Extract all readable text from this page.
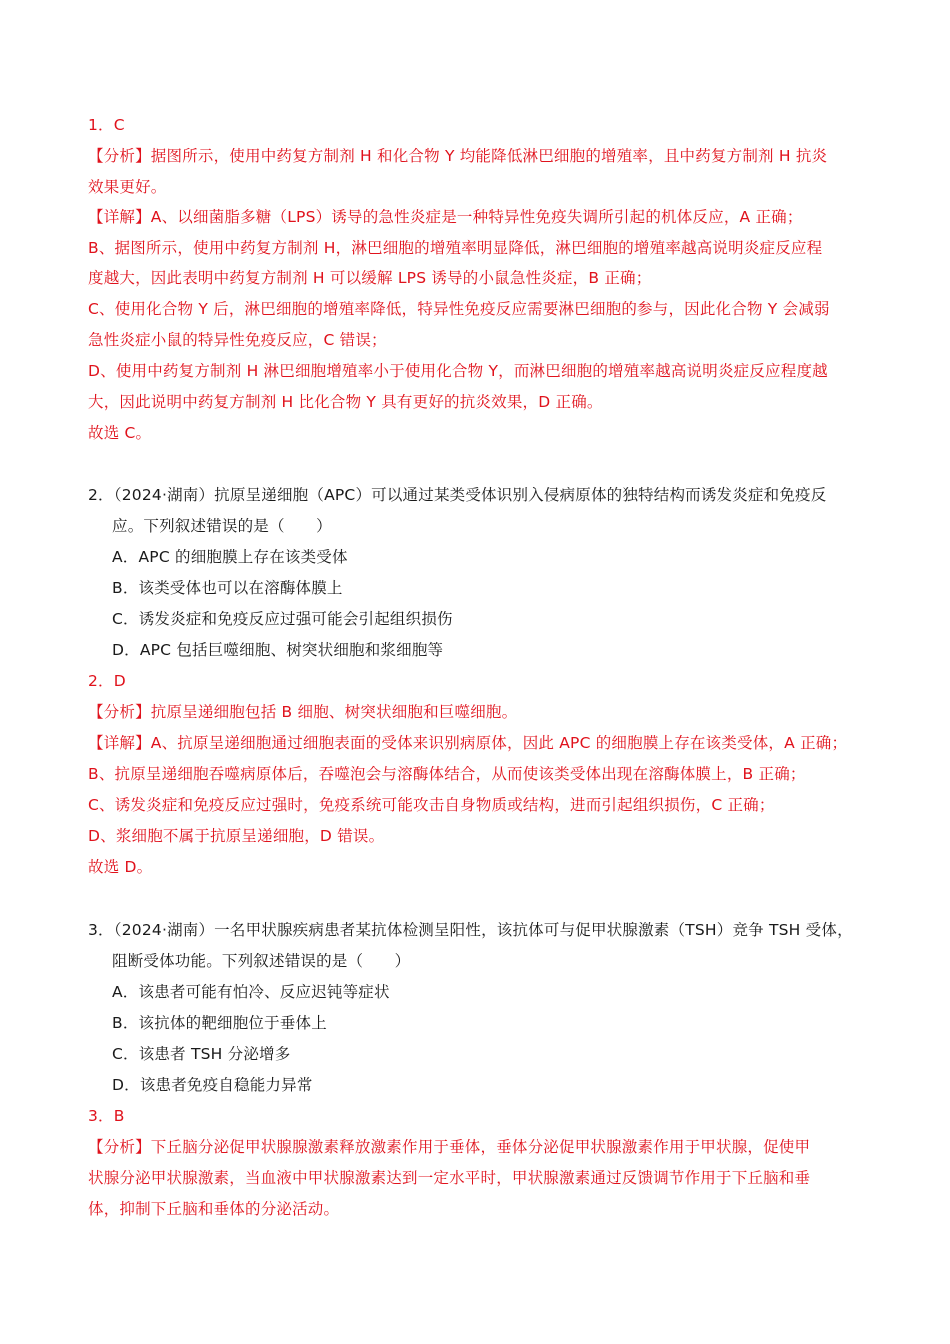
1．C
【分析】据图所示，使用中药复方制剂 H 和化合物 Y 均能降低淋巴细胞的增殖率，且中药复方制剂 H 抗炎
效果更好。
【详解】A、以细菌脂多糖（LPS）诱导的急性炎症是一种特异性免疫失调所引起的机体反应，A 正确；
B、据图所示，使用中药复方制剂 H，淋巴细胞的增殖率明显降低，淋巴细胞的增殖率越高说明炎症反应程
度越大，因此表明中药复方制剂 H 可以缓解 LPS 诱导的小鼠急性炎症，B 正确；
C、使用化合物 Y 后，淋巴细胞的增殖率降低，特异性免疫反应需要淋巴细胞的参与，因此化合物 Y 会减弱
急性炎症小鼠的特异性免疫反应，C 错误；
D、使用中药复方制剂 H 淋巴细胞增殖率小于使用化合物 Y，而淋巴细胞的增殖率越高说明炎症反应程度越
大，因此说明中药复方制剂 H 比化合物 Y 具有更好的抗炎效果，D 正确。
故选 C。
2．（2024·湖南）抗原呈递细胞（APC）可以通过某类受体识别入侵病原体的独特结构而诱发炎症和免疫反
应。下列叙述错误的是（　　）
A．APC 的细胞膜上存在该类受体
B．该类受体也可以在溶酶体膜上
C．诱发炎症和免疫反应过强可能会引起组织损伤
D．APC 包括巨噬细胞、树突状细胞和浆细胞等
2．D
【分析】抗原呈递细胞包括 B 细胞、树突状细胞和巨噬细胞。
【详解】A、抗原呈递细胞通过细胞表面的受体来识别病原体，因此 APC 的细胞膜上存在该类受体，A 正确；
B、抗原呈递细胞吞噬病原体后，吞噬泡会与溶酶体结合，从而使该类受体出现在溶酶体膜上，B 正确；
C、诱发炎症和免疫反应过强时，免疫系统可能攻击自身物质或结构，进而引起组织损伤，C 正确；
D、浆细胞不属于抗原呈递细胞，D 错误。
故选 D。
3．（2024·湖南）一名甲状腺疾病患者某抗体检测呈阳性，该抗体可与促甲状腺激素（TSH）竞争 TSH 受体，
阻断受体功能。下列叙述错误的是（　　）
A．该患者可能有怕冷、反应迟钝等症状
B．该抗体的靶细胞位于垂体上
C．该患者 TSH 分泌增多
D．该患者免疫自稳能力异常
3．B
【分析】下丘脑分泌促甲状腺腺激素释放激素作用于垂体，垂体分泌促甲状腺激素作用于甲状腺，促使甲
状腺分泌甲状腺激素，当血液中甲状腺激素达到一定水平时，甲状腺激素通过反馈调节作用于下丘脑和垂
体，抑制下丘脑和垂体的分泌活动。
